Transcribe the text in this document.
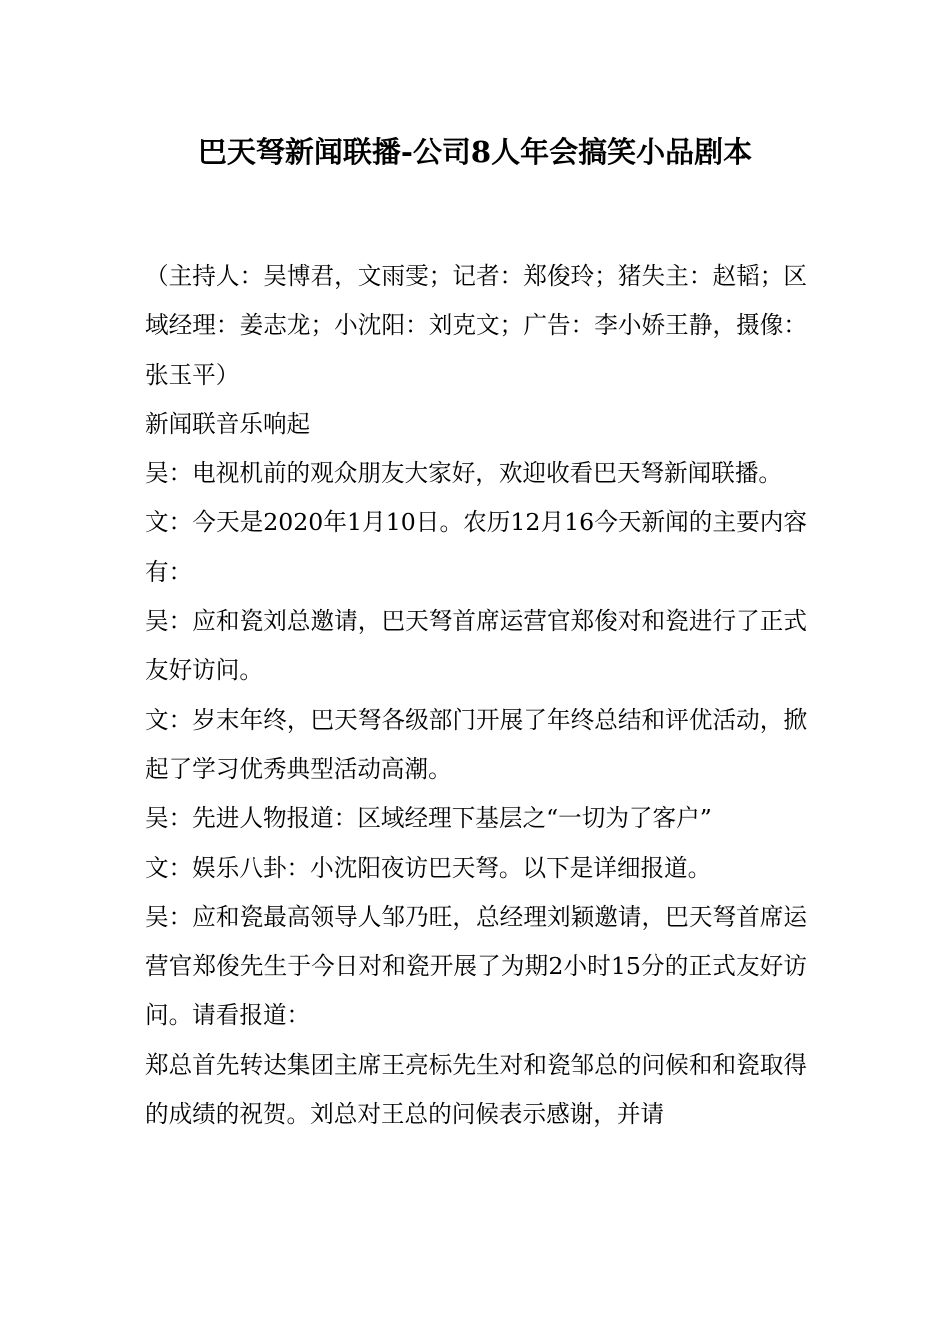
巴天弩新闻联播-公司8人年会搞笑小品剧本

（主持人：吴博君，文雨雯；记者：郑俊玲；猪失主：赵韬；区域经理：姜志龙；小沈阳：刘克文；广告：李小娇王静，摄像：张玉平）

新闻联音乐响起

吴：电视机前的观众朋友大家好，欢迎收看巴天弩新闻联播。

文：今天是2020年1月10日。农历12月16今天新闻的主要内容有：

吴：应和瓷刘总邀请，巴天弩首席运营官郑俊对和瓷进行了正式友好访问。

文：岁末年终，巴天弩各级部门开展了年终总结和评优活动，掀起了学习优秀典型活动高潮。

吴：先进人物报道：区域经理下基层之“一切为了客户”

文：娱乐八卦：小沈阳夜访巴天弩。以下是详细报道。

吴：应和瓷最高领导人邹乃旺，总经理刘颖邀请，巴天弩首席运营官郑俊先生于今日对和瓷开展了为期2小时15分的正式友好访问。请看报道：

郑总首先转达集团主席王亮标先生对和瓷邹总的问候和和瓷取得的成绩的祝贺。刘总对王总的问候表示感谢，并请
